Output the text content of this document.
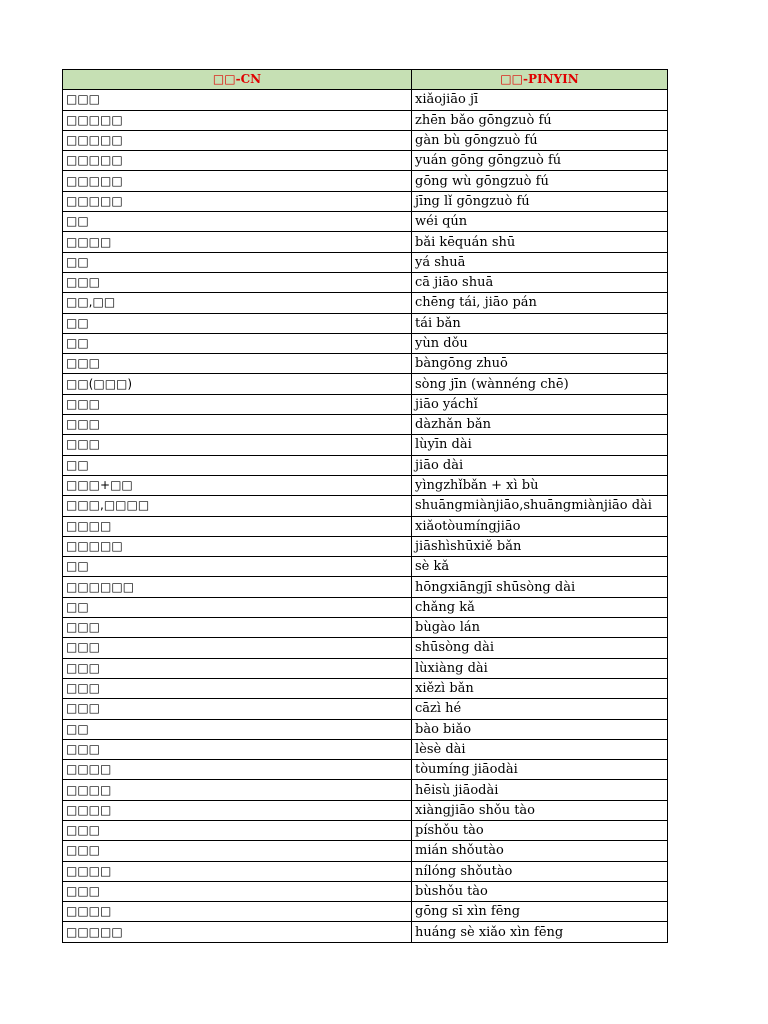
□□-CN	□□-PINYIN
□□□	xiǎojiāo jī
□□□□□	zhēn bǎo gōngzuò fú
□□□□□	gàn bù gōngzuò fú
□□□□□	yuán gōng gōngzuò fú
□□□□□	gōng wù gōngzuò fú
□□□□□	jīng lǐ gōngzuò fú
□□	wéi qún
□□□□	bǎi kēquán shū
□□	yá shuā
□□□	cā jiāo shuā
□□,□□	chēng tái, jiāo pán
□□	tái bǎn
□□	yùn dǒu
□□□	bàngōng zhuō
□□(□□□)	sòng jīn (wànnéng chē)
□□□	jiāo yáchǐ
□□□	dàzhǎn bǎn
□□□	lùyīn dài
□□	jiāo dài
□□□+□□	yìngzhǐbǎn + xì bù
□□□,□□□□	shuāngmiànjiāo,shuāngmiànjiāo dài
□□□□	xiǎotòumíngjiāo
□□□□□	jiāshìshūxiě bǎn
□□	sè kǎ
□□□□□□	hōngxiāngjī shūsòng dài
□□	chǎng kǎ
□□□	bùgào lán
□□□	shūsòng dài
□□□	lùxiàng dài
□□□	xiězì bǎn
□□□	cāzì hé
□□	bào biǎo
□□□	lèsè dài
□□□□	tòumíng jiāodài
□□□□	hēisù jiāodài
□□□□	xiàngjiāo shǒu tào
□□□	píshǒu tào
□□□	mián shǒutào
□□□□	nílóng shǒutào
□□□	bùshǒu tào
□□□□	gōng sī xìn fēng
□□□□□	huáng sè xiǎo xìn fēng
